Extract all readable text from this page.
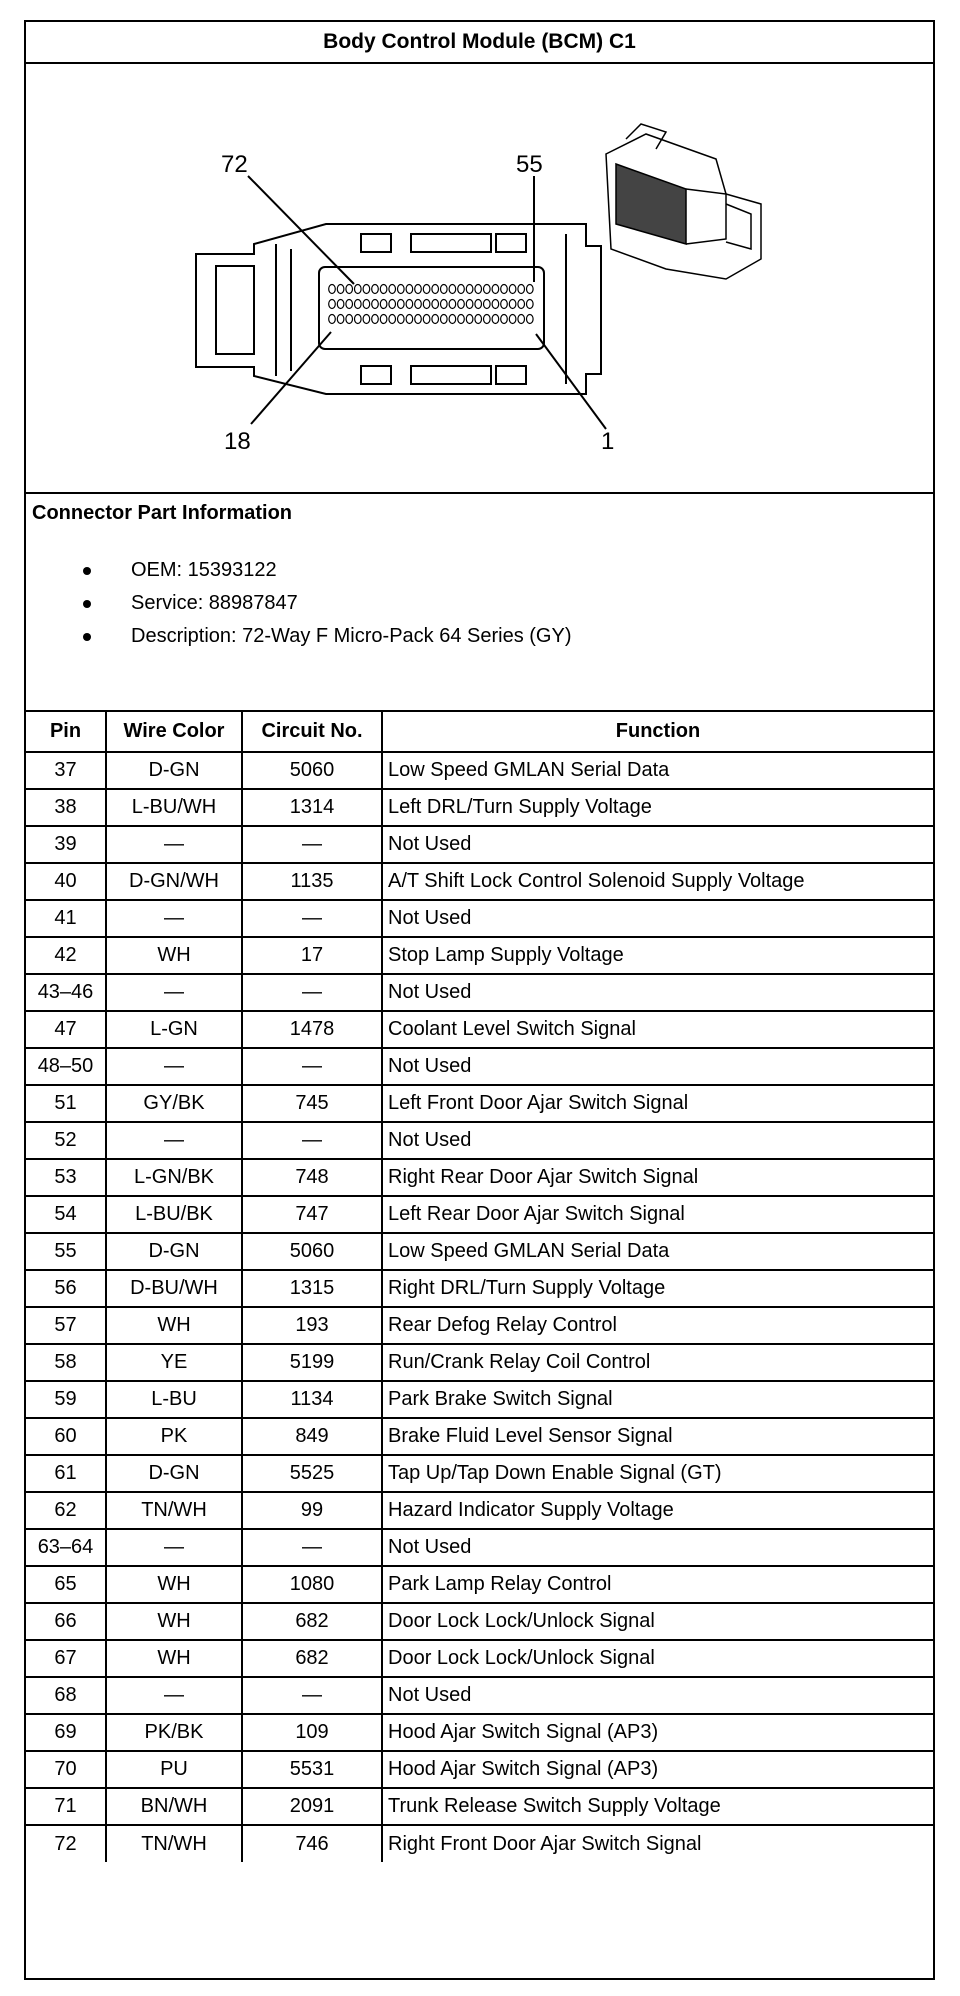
Body Control Module (BCM) C1
72	55
18	1
Connector Part Information
OEM: 15393122
Service: 88987847
Description: 72-Way F Micro-Pack 64 Series (GY)
Pin	Wire Color	Circuit No.	Function
37	D-GN	5060	Low Speed GMLAN Serial Data
38	L-BU/WH	1314	Left DRL/Turn Supply Voltage
39	—	—	Not Used
40	D-GN/WH	1135	A/T Shift Lock Control Solenoid Supply Voltage
41	—	—	Not Used
42	WH	17	Stop Lamp Supply Voltage
43–46	—	—	Not Used
47	L-GN	1478	Coolant Level Switch Signal
48–50	—	—	Not Used
51	GY/BK	745	Left Front Door Ajar Switch Signal
52	—	—	Not Used
53	L-GN/BK	748	Right Rear Door Ajar Switch Signal
54	L-BU/BK	747	Left Rear Door Ajar Switch Signal
55	D-GN	5060	Low Speed GMLAN Serial Data
56	D-BU/WH	1315	Right DRL/Turn Supply Voltage
57	WH	193	Rear Defog Relay Control
58	YE	5199	Run/Crank Relay Coil Control
59	L-BU	1134	Park Brake Switch Signal
60	PK	849	Brake Fluid Level Sensor Signal
61	D-GN	5525	Tap Up/Tap Down Enable Signal (GT)
62	TN/WH	99	Hazard Indicator Supply Voltage
63–64	—	—	Not Used
65	WH	1080	Park Lamp Relay Control
66	WH	682	Door Lock Lock/Unlock Signal
67	WH	682	Door Lock Lock/Unlock Signal
68	—	—	Not Used
69	PK/BK	109	Hood Ajar Switch Signal (AP3)
70	PU	5531	Hood Ajar Switch Signal (AP3)
71	BN/WH	2091	Trunk Release Switch Supply Voltage
72	TN/WH	746	Right Front Door Ajar Switch Signal
